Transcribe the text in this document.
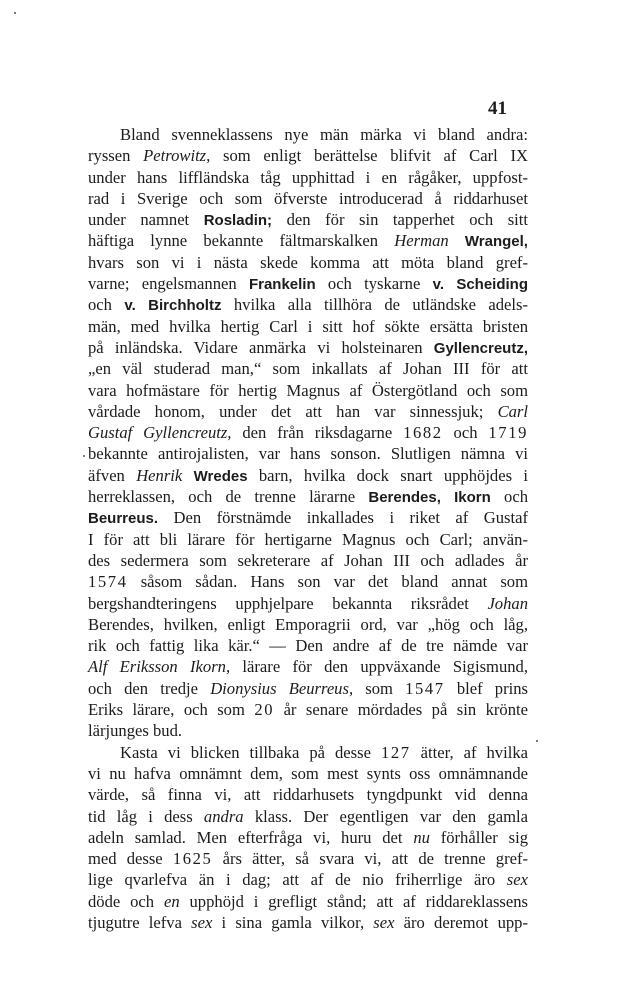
41
Bland svenneklassens nye män märka vi bland andra:
ryssen Petrowitz, som enligt berättelse blifvit af Carl IX
under hans liffländska tåg upphittad i en rågåker, uppfost-
rad i Sverige och som öfverste introducerad å riddarhuset
under namnet Rosladin; den för sin tapperhet och sitt
häftiga lynne bekannte fältmarskalken Herman Wrangel,
hvars son vi i nästa skede komma att möta bland gref-
varne; engelsmannen Frankelin och tyskarne v. Scheiding
och v. Birchholtz hvilka alla tillhöra de utländske adels-
män, med hvilka hertig Carl i sitt hof sökte ersätta bristen
på inländska. Vidare anmärka vi holsteinaren Gyllencreutz,
„en väl studerad man,“ som inkallats af Johan III för att
vara hofmästare för hertig Magnus af Östergötland och som
vårdade honom, under det att han var sinnessjuk; Carl
Gustaf Gyllencreutz, den från riksdagarne 1682 och 1719
bekannte antirojalisten, var hans sonson. Slutligen nämna vi
äfven Henrik Wredes barn, hvilka dock snart upphöjdes i
herreklassen, och de trenne lärarne Berendes, Ikorn och
Beurreus. Den förstnämde inkallades i riket af Gustaf
I för att bli lärare för hertigarne Magnus och Carl; använ-
des sedermera som sekreterare af Johan III och adlades år
1574 såsom sådan. Hans son var det bland annat som
bergshandteringens upphjelpare bekannta riksrådet Johan
Berendes, hvilken, enligt Emporagrii ord, var „hög och låg,
rik och fattig lika kär.“ — Den andre af de tre nämde var
Alf Eriksson Ikorn, lärare för den uppväxande Sigismund,
och den tredje Dionysius Beurreus, som 1547 blef prins
Eriks lärare, och som 20 år senare mördades på sin krönte
lärjunges bud.
Kasta vi blicken tillbaka på desse 127 ätter, af hvilka
vi nu hafva omnämnt dem, som mest synts oss omnämnande
värde, så finna vi, att riddarhusets tyngdpunkt vid denna
tid låg i dess andra klass. Der egentligen var den gamla
adeln samlad. Men efterfråga vi, huru det nu förhåller sig
med desse 1625 års ätter, så svara vi, att de trenne gref-
lige qvarlefva än i dag; att af de nio friherrlige äro sex
döde och en upphöjd i grefligt stånd; att af riddareklassens
tjugutre lefva sex i sina gamla vilkor, sex äro deremot upp-
